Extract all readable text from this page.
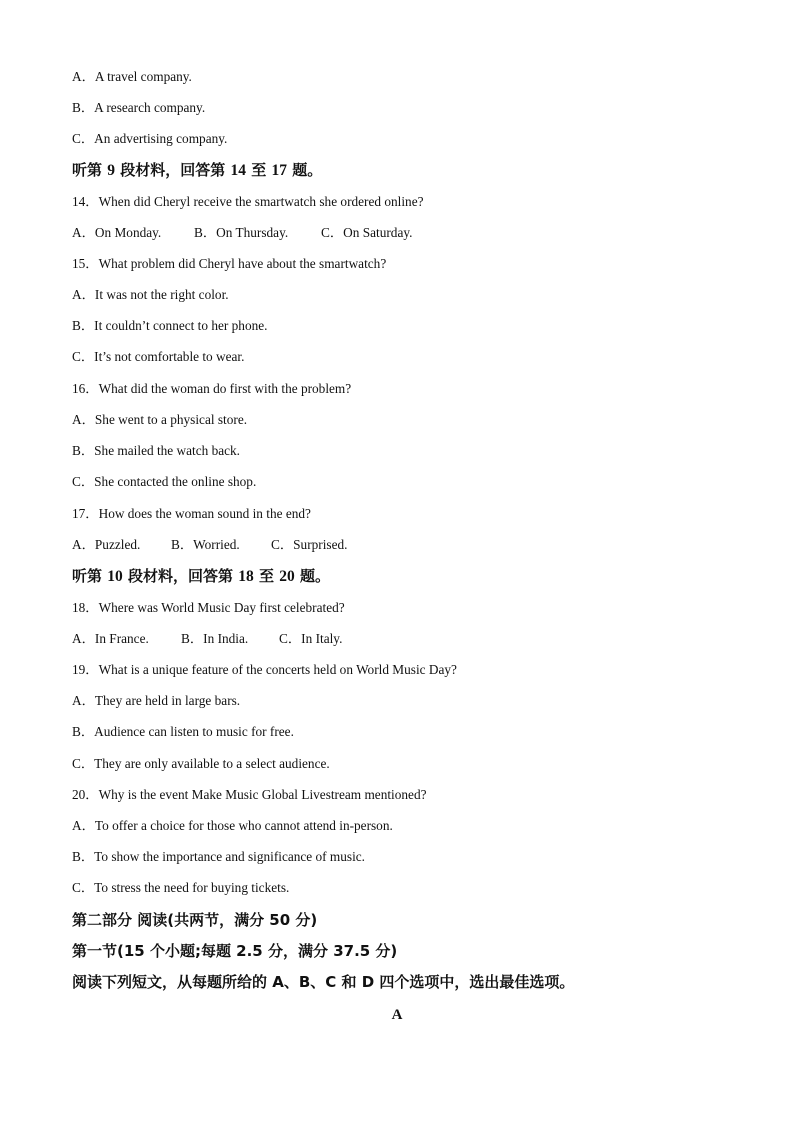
A．A travel company.
B．A research company.
C．An advertising company.
听第 9 段材料，回答第 14 至 17 题。
14．When did Cheryl receive the smartwatch she ordered online?
A．On Monday. B．On Thursday. C．On Saturday.
15．What problem did Cheryl have about the smartwatch?
A．It was not the right color.
B．It couldn’t connect to her phone.
C．It’s not comfortable to wear.
16．What did the woman do first with the problem?
A．She went to a physical store.
B．She mailed the watch back.
C．She contacted the online shop.
17．How does the woman sound in the end?
A．Puzzled. B．Worried. C．Surprised.
听第 10 段材料，回答第 18 至 20 题。
18．Where was World Music Day first celebrated?
A．In France. B．In India. C．In Italy.
19．What is a unique feature of the concerts held on World Music Day?
A．They are held in large bars.
B．Audience can listen to music for free.
C．They are only available to a select audience.
20．Why is the event Make Music Global Livestream mentioned?
A．To offer a choice for those who cannot attend in-person.
B．To show the importance and significance of music.
C．To stress the need for buying tickets.
第二部分 阅读(共两节，满分 50 分)
第一节(15 个小题;每题 2.5 分，满分 37.5 分)
阅读下列短文，从每题所给的 A、B、C 和 D 四个选项中，选出最佳选项。
A
